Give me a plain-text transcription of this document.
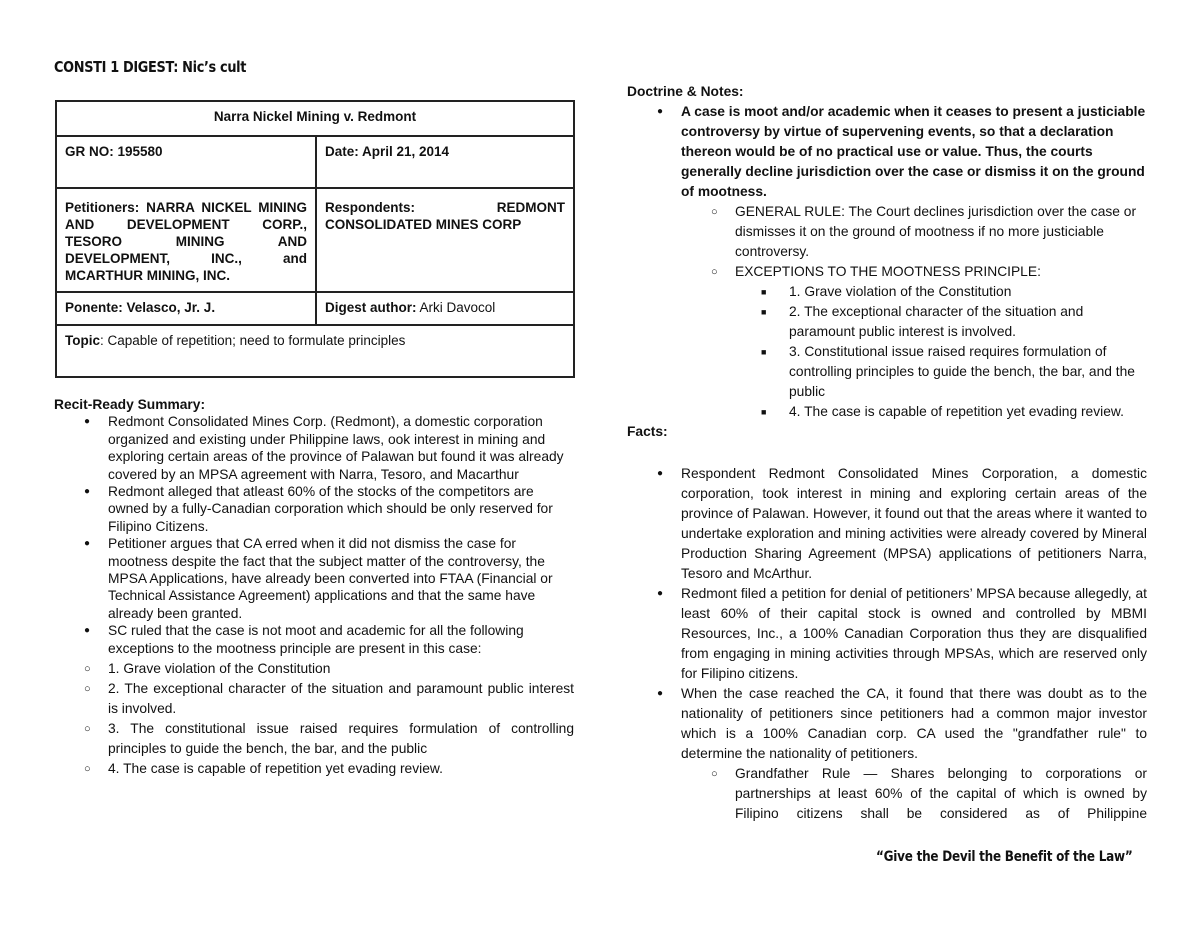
CONSTI 1 DIGEST: Nic’s cult
Narra Nickel Mining v. Redmont	
GR NO: 195580	Date: April 21, 2014
Petitioners: NARRA NICKEL MINING AND DEVELOPMENT CORP., TESORO MINING AND DEVELOPMENT, INC., and MCARTHUR MINING, INC.	Respondents: REDMONT CONSOLIDATED MINES CORP
Ponente: Velasco, Jr. J.	Digest author: Arki Davocol
Topic: Capable of repetition; need to formulate principles	
Recit-Ready Summary:
● Redmont Consolidated Mines Corp. (Redmont), a domestic corporation organized and existing under Philippine laws, ook interest in mining and exploring certain areas of the province of Palawan but found it was already covered by an MPSA agreement with Narra, Tesoro, and Macarthur
● Redmont alleged that atleast 60% of the stocks of the competitors are owned by a fully-Canadian corporation which should be only reserved for Filipino Citizens.
● Petitioner argues that CA erred when it did not dismiss the case for mootness despite the fact that the subject matter of the controversy, the MPSA Applications, have already been converted into FTAA (Financial or Technical Assistance Agreement) applications and that the same have already been granted.
● SC ruled that the case is not moot and academic for all the following exceptions to the mootness principle are present in this case:
○ 1. Grave violation of the Constitution
○ 2. The exceptional character of the situation and paramount public interest is involved.
○ 3. The constitutional issue raised requires formulation of controlling principles to guide the bench, the bar, and the public
○ 4. The case is capable of repetition yet evading review.
Doctrine & Notes:
● A case is moot and/or academic when it ceases to present a justiciable controversy by virtue of supervening events, so that a declaration thereon would be of no practical use or value. Thus, the courts generally decline jurisdiction over the case or dismiss it on the ground of mootness.
○ GENERAL RULE: The Court declines jurisdiction over the case or dismisses it on the ground of mootness if no more justiciable controversy.
○ EXCEPTIONS TO THE MOOTNESS PRINCIPLE:
■ 1. Grave violation of the Constitution
■ 2. The exceptional character of the situation and paramount public interest is involved.
■ 3. Constitutional issue raised requires formulation of controlling principles to guide the bench, the bar, and the public
■ 4. The case is capable of repetition yet evading review.
Facts:
● Respondent Redmont Consolidated Mines Corporation, a domestic corporation, took interest in mining and exploring certain areas of the province of Palawan. However, it found out that the areas where it wanted to undertake exploration and mining activities were already covered by Mineral Production Sharing Agreement (MPSA) applications of petitioners Narra, Tesoro and McArthur.
● Redmont filed a petition for denial of petitioners’ MPSA because allegedly, at least 60% of their capital stock is owned and controlled by MBMI Resources, Inc., a 100% Canadian Corporation thus they are disqualified from engaging in mining activities through MPSAs, which are reserved only for Filipino citizens.
● When the case reached the CA, it found that there was doubt as to the nationality of petitioners since petitioners had a common major investor which is a 100% Canadian corp. CA used the "grandfather rule" to determine the nationality of petitioners.
○ Grandfather Rule — Shares belonging to corporations or partnerships at least 60% of the capital of which is owned by Filipino citizens shall be considered as of Philippine
“Give the Devil the Benefit of the Law”
